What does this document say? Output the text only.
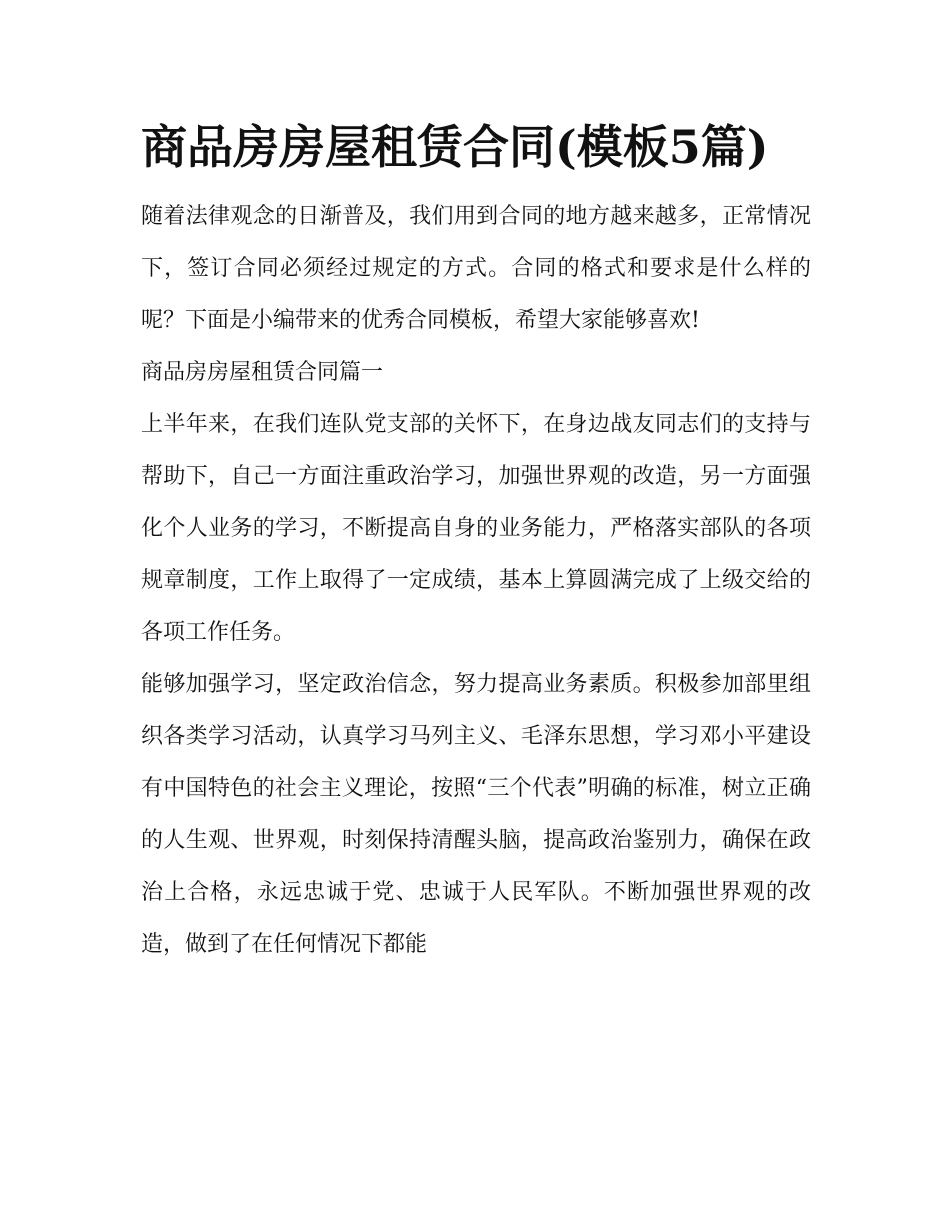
商品房房屋租赁合同(模板5篇)

随着法律观念的日渐普及，我们用到合同的地方越来越多，正常情况下，签订合同必须经过规定的方式。合同的格式和要求是什么样的呢？下面是小编带来的优秀合同模板，希望大家能够喜欢!

商品房房屋租赁合同篇一

上半年来，在我们连队党支部的关怀下，在身边战友同志们的支持与帮助下，自己一方面注重政治学习，加强世界观的改造，另一方面强化个人业务的学习，不断提高自身的业务能力，严格落实部队的各项规章制度，工作上取得了一定成绩，基本上算圆满完成了上级交给的各项工作任务。

能够加强学习，坚定政治信念，努力提高业务素质。积极参加部里组织各类学习活动，认真学习马列主义、毛泽东思想，学习邓小平建设有中国特色的社会主义理论，按照“三个代表”明确的标准，树立正确的人生观、世界观，时刻保持清醒头脑，提高政治鉴别力，确保在政治上合格，永远忠诚于党、忠诚于人民军队。不断加强世界观的改造，做到了在任何情况下都能
